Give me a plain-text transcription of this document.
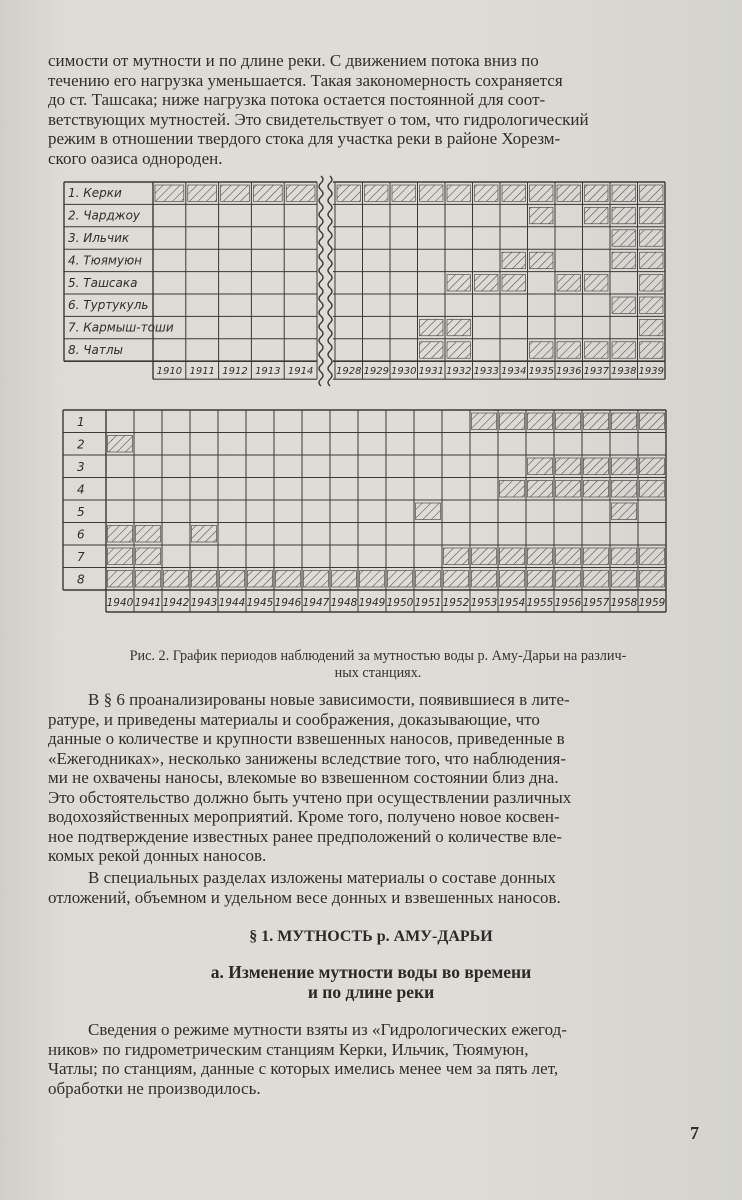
симости от мутности и по длине реки. С движением потока вниз по
течению его нагрузка уменьшается. Такая закономерность сохраняется
до ст. Ташсака; ниже нагрузка потока остается постоянной для соот-
ветствующих мутностей. Это свидетельствует о том, что гидрологический
режим в отношении твердого стока для участка реки в районе Хорезм-
ского оазиса однороден.

1. Керки
2. Чарджоу
3. Ильчик
4. Тюямуюн
5. Ташсака
6. Туртукуль
7. Кармыш-тоши
8. Чатлы
1910 1911 1912 1913 1914 1928 1929 1930 1931 1932 1933 1934 1935 1936 1937 1938 1939
1
2
3
4
5
6
7
8
1940 1941 1942 1943 1944 1945 1946 1947 1948 1949 1950 1951 1952 1953 1954 1955 1956 1957 1958 1959
Рис. 2. График периодов наблюдений за мутностью воды р. Аму-Дарьи на различ-
ных станциях.

В § 6 проанализированы новые зависимости, появившиеся в лите-
ратуре, и приведены материалы и соображения, доказывающие, что
данные о количестве и крупности взвешенных наносов, приведенные в
«Ежегодниках», несколько занижены вследствие того, что наблюдения-
ми не охвачены наносы, влекомые во взвешенном состоянии близ дна.
Это обстоятельство должно быть учтено при осуществлении различных
водохозяйственных мероприятий. Кроме того, получено новое косвен-
ное подтверждение известных ранее предположений о количестве вле-
комых рекой донных наносов.

В специальных разделах изложены материалы о составе донных
отложений, объемном и удельном весе донных и взвешенных наносов.

§ 1. МУТНОСТЬ р. АМУ-ДАРЬИ
а. Изменение мутности воды во времени
и по длине реки

Сведения о режиме мутности взяты из «Гидрологических ежегод-
ников» по гидрометрическим станциям Керки, Ильчик, Тюямуюн,
Чатлы; по станциям, данные с которых имелись менее чем за пять лет,
обработки не производилось.

7
